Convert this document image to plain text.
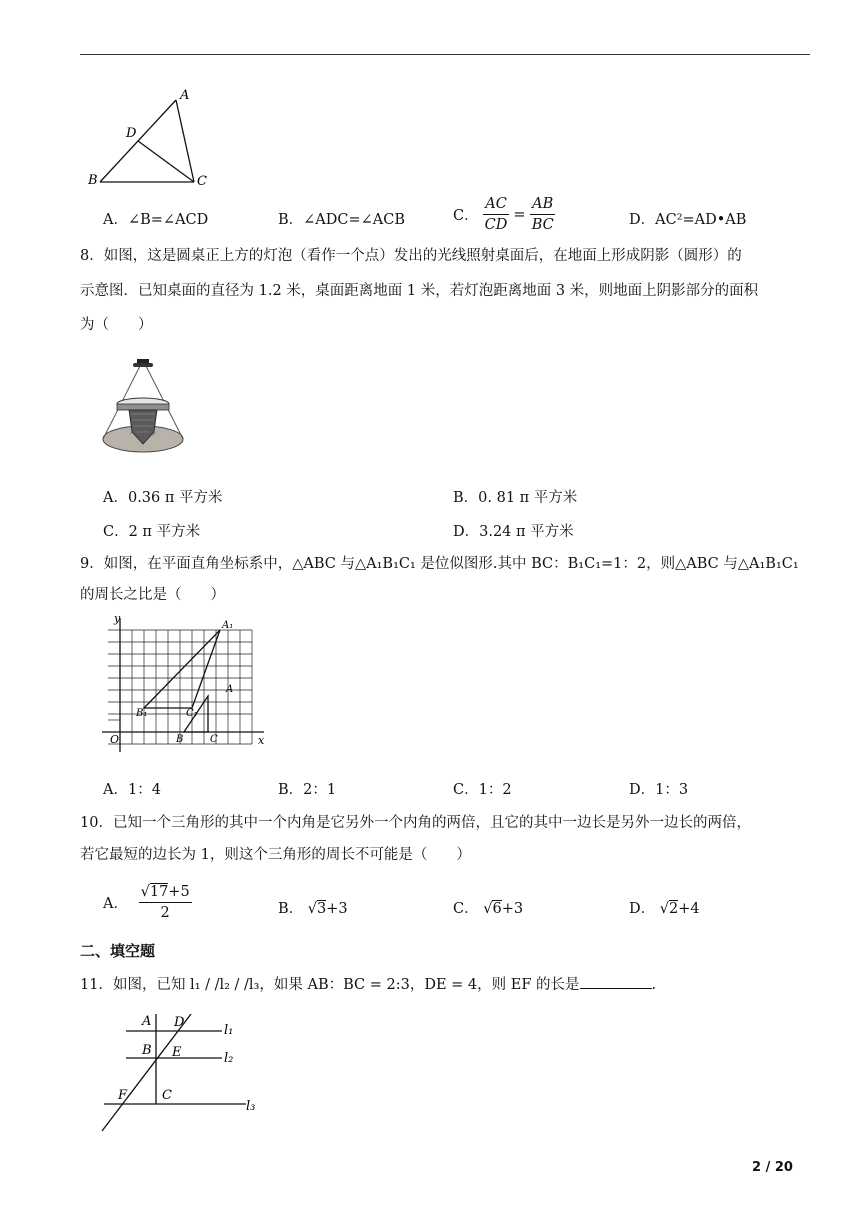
A
D
B	C
A．∠B=∠ACD	B．∠ADC=∠ACB	C． $\frac{AC}{CD} = \frac{AB}{BC}$	D．AC²=AD•AB
8．如图，这是圆桌正上方的灯泡（看作一个点）发出的光线照射桌面后，在地面上形成阴影（圆形）的
示意图．已知桌面的直径为 1.2 米，桌面距离地面 1 米，若灯泡距离地面 3 米，则地面上阴影部分的面积
为（　　）
A．0.36 π 平方米	B．0. 81 π 平方米
C．2 π 平方米	D．3.24 π 平方米
9．如图，在平面直角坐标系中，△ABC 与△A₁B₁C₁ 是位似图形.其中 BC：B₁C₁=1：2，则△ABC 与△A₁B₁C₁
的周长之比是（　　）
y
x
O
A₁
A
B₁	C₁
B	C
A．1：4	B．2：1	C．1：2	D．1：3
10．已知一个三角形的其中一个内角是它另外一个内角的两倍，且它的其中一边长是另外一边长的两倍，
若它最短的边长为 1，则这个三角形的周长不可能是（　　）
A． $\frac{√17+5}{2}$	B． √3+3	C． √6+3	D． √2+4
二、填空题
11．如图，已知 l₁ / /l₂ / /l₃，如果 AB：BC = 2:3，DE = 4，则 EF 的长是	.
A D
B E
F	C
l₁
l₂
l₃
2 / 20
